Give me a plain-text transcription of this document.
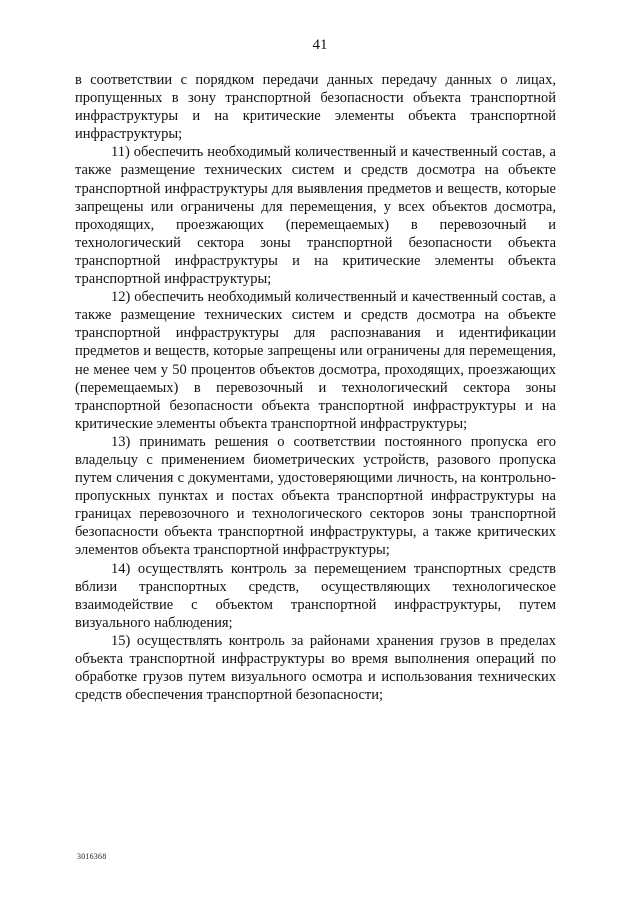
41

в соответствии с порядком передачи данных передачу данных о лицах, пропущенных в зону транспортной безопасности объекта транспортной инфраструктуры и на критические элементы объекта транспортной инфраструктуры;

11) обеспечить необходимый количественный и качественный состав, а также размещение технических систем и средств досмотра на объекте транспортной инфраструктуры для выявления предметов и веществ, которые запрещены или ограничены для перемещения, у всех объектов досмотра, проходящих, проезжающих (перемещаемых) в перевозочный и технологический сектора зоны транспортной безопасности объекта транспортной инфраструктуры и на критические элементы объекта транспортной инфраструктуры;

12) обеспечить необходимый количественный и качественный состав, а также размещение технических систем и средств досмотра на объекте транспортной инфраструктуры для распознавания и идентификации предметов и веществ, которые запрещены или ограничены для перемещения, не менее чем у 50 процентов объектов досмотра, проходящих, проезжающих (перемещаемых) в перевозочный и технологический сектора зоны транспортной безопасности объекта транспортной инфраструктуры и на критические элементы объекта транспортной инфраструктуры;

13) принимать решения о соответствии постоянного пропуска его владельцу с применением биометрических устройств, разового пропуска путем сличения с документами, удостоверяющими личность, на контрольно-пропускных пунктах и постах объекта транспортной инфраструктуры на границах перевозочного и технологического секторов зоны транспортной безопасности объекта транспортной инфраструктуры, а также критических элементов объекта транспортной инфраструктуры;

14) осуществлять контроль за перемещением транспортных средств вблизи транспортных средств, осуществляющих технологическое взаимодействие с объектом транспортной инфраструктуры, путем визуального наблюдения;

15) осуществлять контроль за районами хранения грузов в пределах объекта транспортной инфраструктуры во время выполнения операций по обработке грузов путем визуального осмотра и использования технических средств обеспечения транспортной безопасности;

3016368
